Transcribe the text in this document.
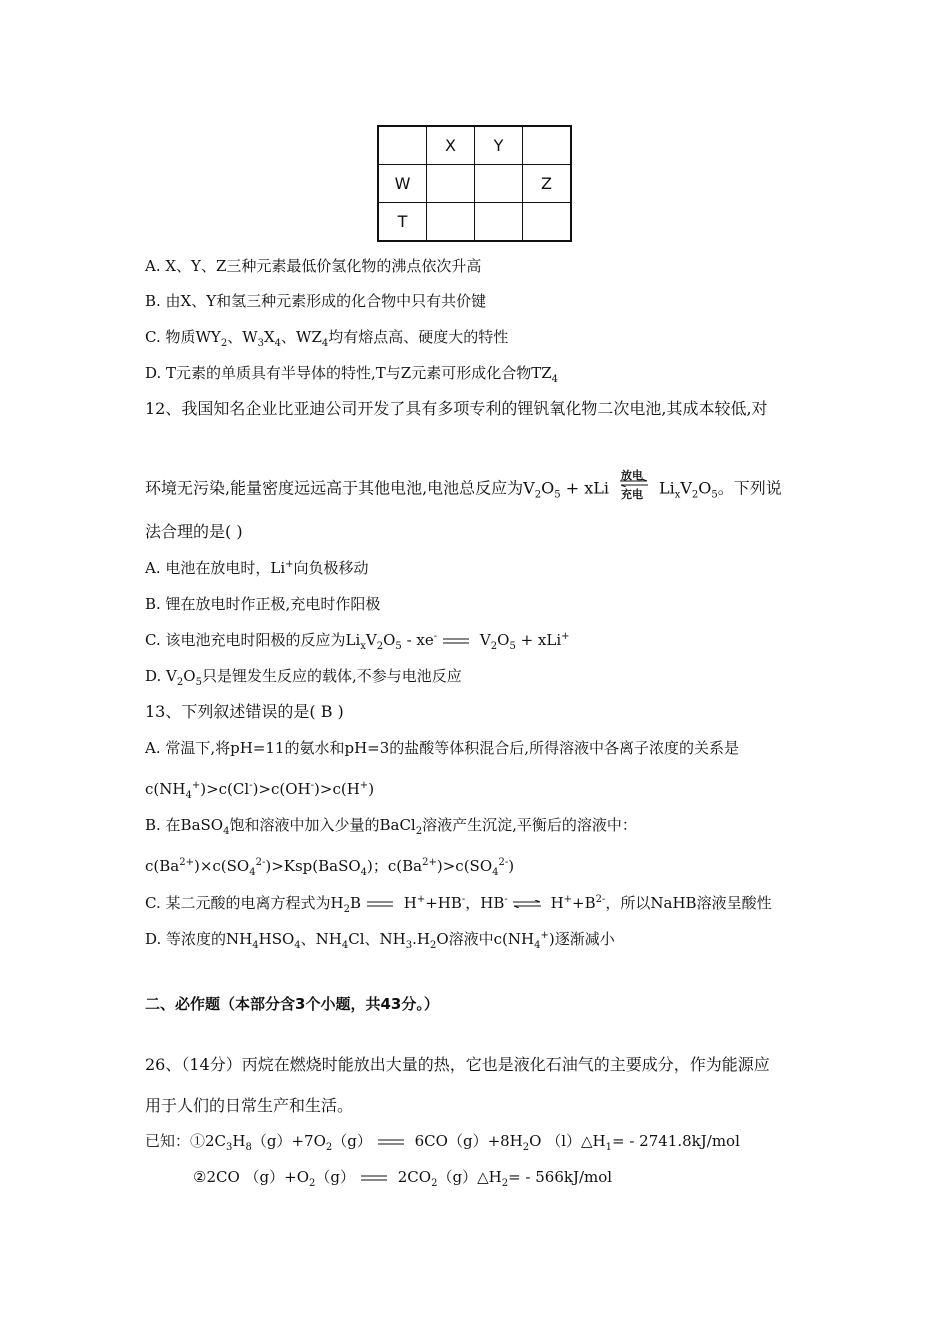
	X	Y	
W			Z
T			
A. X、Y、Z三种元素最低价氢化物的沸点依次升高
B. 由X、Y和氢三种元素形成的化合物中只有共价键
C. 物质$WY_2$、$W_3X_4$、$WZ_4$均有熔点高、硬度大的特性
D. T元素的单质具有半导体的特性,T与Z元素可形成化合物$TZ_4$
12、我国知名企业比亚迪公司开发了具有多项专利的锂钒氧化物二次电池,其成本较低,对
环境无污染,能量密度远远高于其他电池,电池总反应为$V_2O_5$ + xLi
放电
充电 $Li_xV_2O_5$。下列说
法合理的是( )
A. 电池在放电时，Li+向负极移动
B. 锂在放电时作正极,充电时作阳极
C. 该电池充电时阳极的反应为$Li_xV_2O_5 - xe^-$	$V_2O_5 + xLi^+$
D. $V_2O_5$只是锂发生反应的载体,不参与电池反应
13、下列叙述错误的是( B )
A. 常温下,将pH=11的氨水和pH=3的盐酸等体积混合后,所得溶液中各离子浓度的关系是
$c(NH_4^+)>c(Cl^-)>c(OH^-)>c(H^+)$
B. 在BaSO$_4$饱和溶液中加入少量的BaCl$_2$溶液产生沉淀,平衡后的溶液中：
$c(Ba^{2+})\times c(SO_4^{2-})>Ksp(BaSO_4)$；$c(Ba^{2+})>c(SO_4^{2-})$
C. 某二元酸的电离方程式为$H_2B$	H++HB-，HB- ⇌ $H^++B^{2-}$，所以NaHB溶液呈酸性
D. 等浓度的$NH_4HSO_4$、$NH_4Cl$、$NH_3.H_2O$溶液中$c(NH_4^+)$逐渐减小
二、必作题（本部分含3个小题，共43分。）
26、（14分）丙烷在燃烧时能放出大量的热，它也是液化石油气的主要成分，作为能源应
用于人们的日常生产和生活。
已知：$①2C_3H_8(g)+7O_2(g)$	$6CO(g)+8H_2O$ $(l)\triangle H_1= - 2741.8kJ/mol$
②2CO $(g)+O_2(g)$	$2CO_2(g)\triangle H_2= - 566kJ/mol$
